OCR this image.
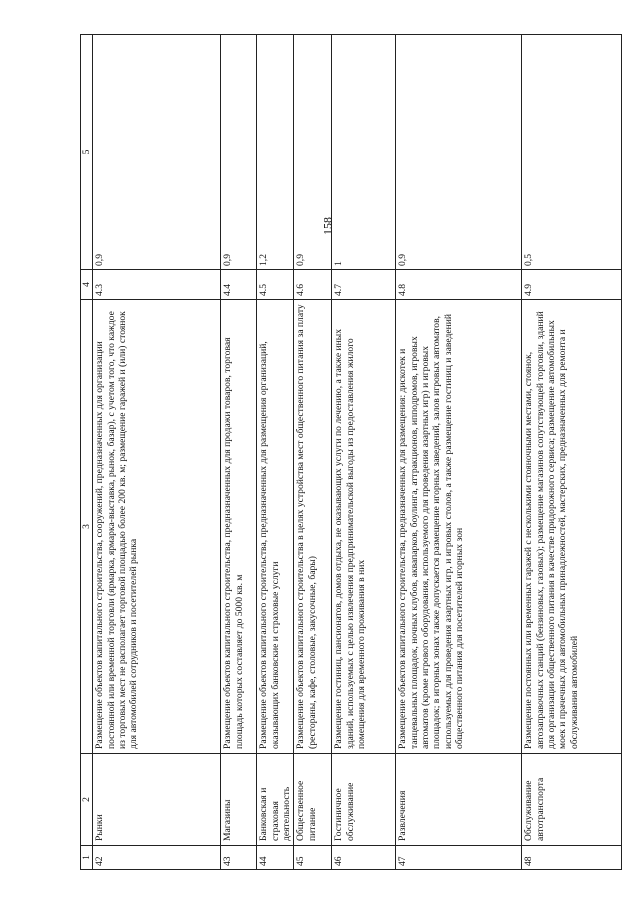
158
1	2	3	4	5
42	Рынки	Размещение объектов капитального строительства, сооружений, предназначенных для организации постоянной или временной торговли (ярмарка, ярмарка-выставка, рынок, базар), с учетом того, что каждое из торговых мест не располагает торговой площадью более 200 кв. м; размещение гаражей и (или) стоянок для автомобилей сотрудников и посетителей рынка	4.3	0,9
43	Магазины	Размещение объектов капитального строительства, предназначенных для продажи товаров, торговая площадь которых составляет до 5000 кв. м	4.4	0,9
44	Банковская и страховая деятельность	Размещение объектов капитального строительства, предназначенных для размещения организаций, оказывающих банковские и страховые услуги	4.5	1,2
45	Общественное питание	Размещение объектов капитального строительства в целях устройства мест общественного питания за плату (рестораны, кафе, столовые, закусочные, бары)	4.6	0,9
46	Гостиничное обслуживание	Размещение гостиниц, пансионатов, домов отдыха, не оказывающих услуги по лечению, а также иных зданий, используемых с целью извлечения предпринимательской выгоды из предоставления жилого помещения для временного проживания в них	4.7	1
47	Развлечения	Размещение объектов капитального строительства, предназначенных для размещения: дискотек и танцевальных площадок, ночных клубов, аквапарков, боулинга, аттракционов, ипподромов, игровых автоматов (кроме игрового оборудования, используемого для проведения азартных игр) и игровых площадок; в игорных зонах также допускается размещение игорных заведений, залов игровых автоматов, используемых для проведения азартных игр, и игровых столов, а также размещение гостиниц и заведений общественного питания для посетителей игорных зон	4.8	0,9
48	Обслуживание автотранспорта	Размещение постоянных или временных гаражей с несколькими стояночными местами, стоянок, автозаправочных станций (бензиновых, газовых); размещение магазинов сопутствующей торговли, зданий для организации общественного питания в качестве придорожного сервиса; размещение автомобильных моек и прачечных для автомобильных принадлежностей, мастерских, предназначенных для ремонта и обслуживания автомобилей	4.9	0,5
